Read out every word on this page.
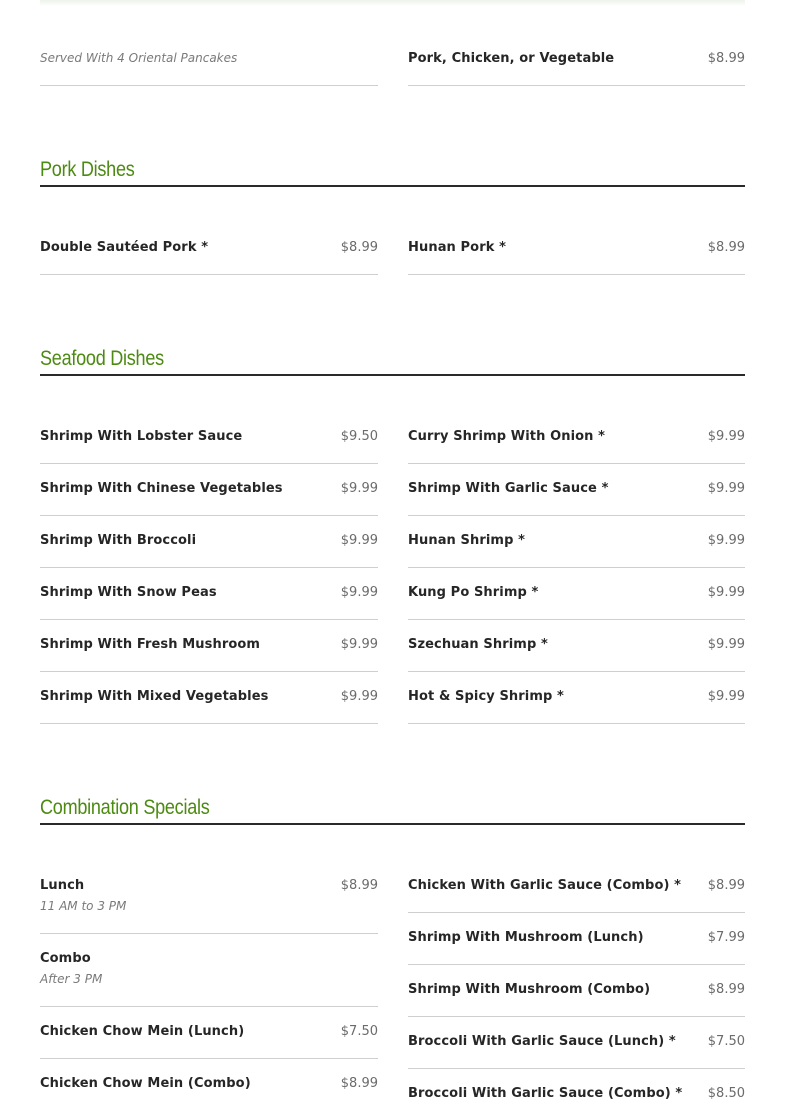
Served With 4 Oriental Pancakes	Pork, Chicken, or Vegetable	$8.99
Pork Dishes
Double Sautéed Pork *	$8.99 Hunan Pork *	$8.99
Seafood Dishes
Shrimp With Lobster Sauce	$9.50
Shrimp With Chinese Vegetables	$9.99
Shrimp With Broccoli	$9.99
Shrimp With Snow Peas	$9.99
Shrimp With Fresh Mushroom	$9.99
Shrimp With Mixed Vegetables	$9.99
Curry Shrimp With Onion *	$9.99
Shrimp With Garlic Sauce *	$9.99
Hunan Shrimp *	$9.99
Kung Po Shrimp *	$9.99
Szechuan Shrimp *	$9.99
Hot & Spicy Shrimp *	$9.99
Combination Specials
Lunch	$8.99
11 AM to 3 PM
Combo
After 3 PM
Chicken Chow Mein (Lunch)	$7.50
Chicken Chow Mein (Combo)	$8.99
Chicken With Garlic Sauce (Combo) * $8.99
Shrimp With Mushroom (Lunch)	$7.99
Shrimp With Mushroom (Combo)	$8.99
Broccoli With Garlic Sauce (Lunch) * $7.50
Broccoli With Garlic Sauce (Combo) * $8.50
